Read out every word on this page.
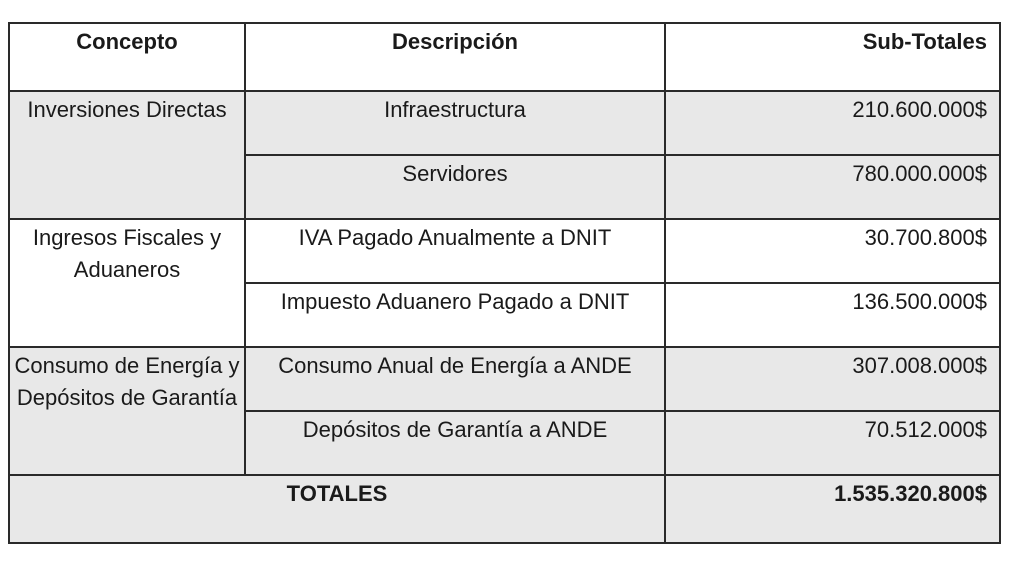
Concepto	Descripción	Sub-Totales
Inversiones Directas	Infraestructura	210.600.000$
	Servidores	780.000.000$
Ingresos Fiscales y Aduaneros	IVA Pagado Anualmente a DNIT	30.700.800$
	Impuesto Aduanero Pagado a DNIT	136.500.000$
Consumo de Energía y Depósitos de Garantía	Consumo Anual de Energía a ANDE	307.008.000$
	Depósitos de Garantía a ANDE	70.512.000$
TOTALES		1.535.320.800$
